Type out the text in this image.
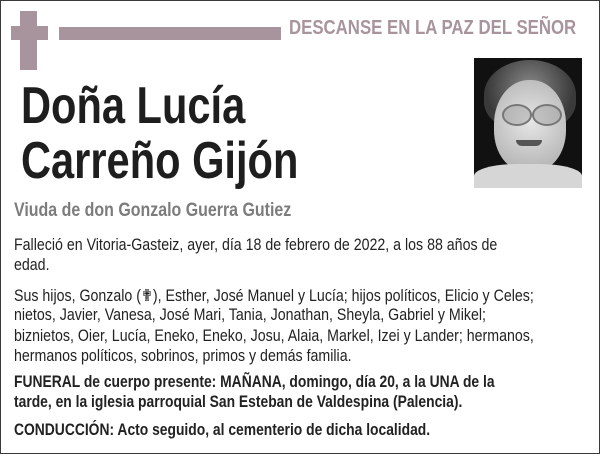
DESCANSE EN LA PAZ DEL SEÑOR
Doña Lucía
Carreño Gijón
Viuda de don Gonzalo Guerra Gutiez
Falleció en Vitoria-Gasteiz, ayer, día 18 de febrero de 2022, a los 88 años de
edad.
Sus hijos, Gonzalo (✟), Esther, José Manuel y Lucía; hijos políticos, Elicio y Celes;
nietos, Javier, Vanesa, José Mari, Tania, Jonathan, Sheyla, Gabriel y Mikel;
biznietos, Oier, Lucía, Eneko, Eneko, Josu, Alaia, Markel, Izei y Lander; hermanos,
hermanos políticos, sobrinos, primos y demás familia.
FUNERAL de cuerpo presente: MAÑANA, domingo, día 20, a la UNA de la
tarde, en la iglesia parroquial San Esteban de Valdespina (Palencia).
CONDUCCIÓN: Acto seguido, al cementerio de dicha localidad.
